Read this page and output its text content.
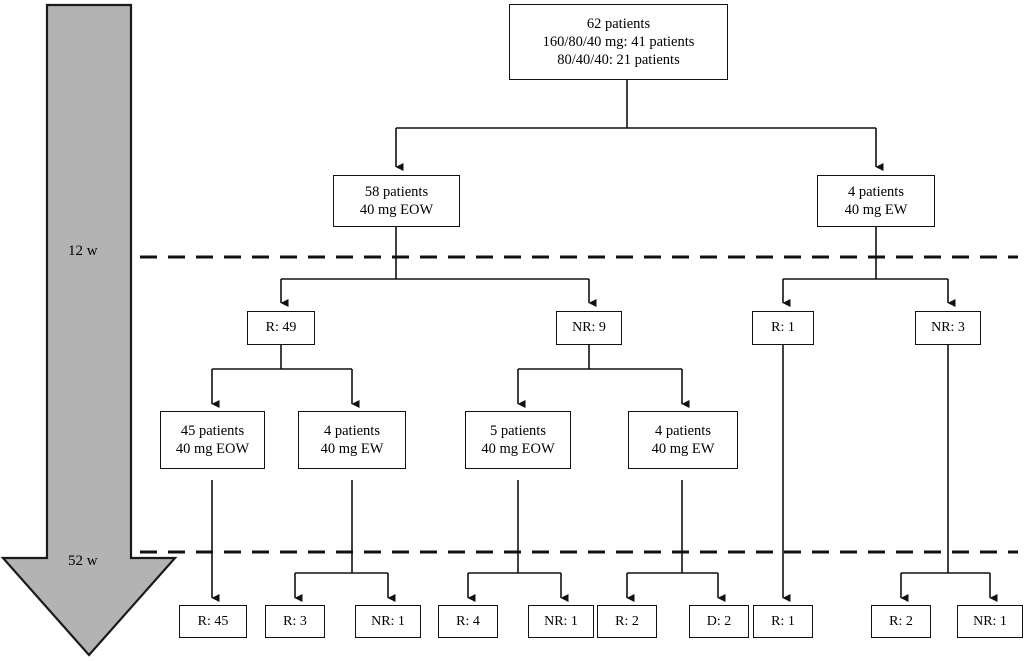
12 w
52 w
62 patients
160/80/40 mg: 41 patients
80/40/40: 21 patients
58 patients
40 mg EOW
4 patients
40 mg EW
R: 49	NR: 9	R: 1	NR: 3
45 patients
40 mg EOW
4 patients
40 mg EW
5 patients
40 mg EOW
4 patients
40 mg EW
R: 45	R: 3	NR: 1	R: 4	NR: 1	R: 2	D: 2	R: 1	R: 2	NR: 1
